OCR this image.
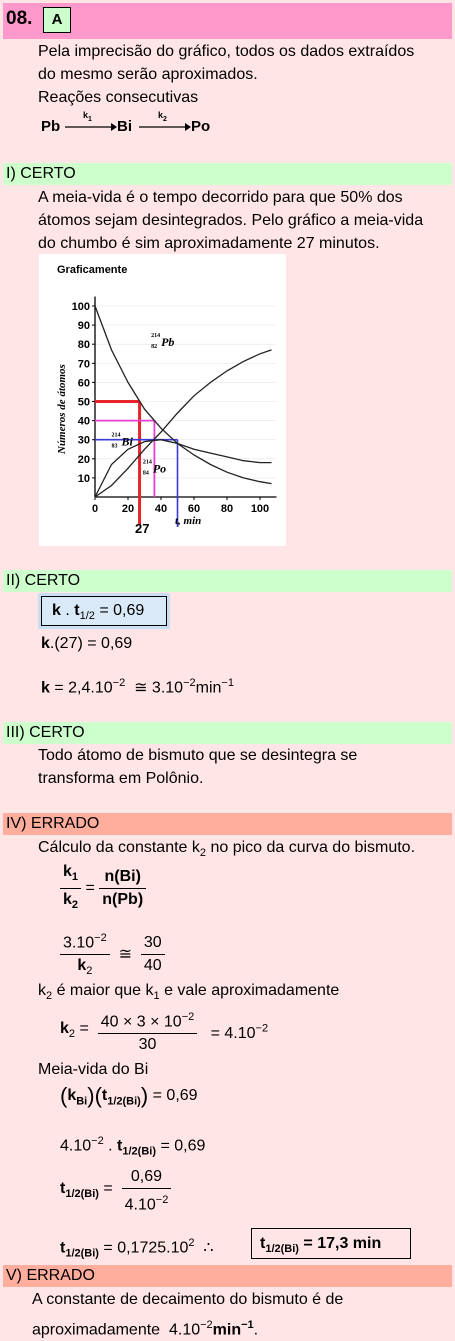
08.	A
Pela imprecisão do gráfico, todos os dados extraídos
do mesmo serão aproximados.
Reações consecutivas
Pb
$k_1$ Bi
$k_2$ Po
I) CERTO
A meia-vida é o tempo decorrido para que 50% dos
átomos sejam desintegrados. Pelo gráfico a meia-vida
do chumbo é sim aproximadamente 27 minutos.
Graficamente
Números de átomos
10
20
30
40
50
60
70
80
90
100
0 20 40 60 80 100
214
82 Pb
214
83 Bi
214
84 Po
t, min
27
II) CERTO
k . $t_{1/2} = 0,69$
k.(27) = 0,69
$k = 2,4.10^{-2}$ ≅ $3.10^{-2}\min^{-1}$
III) CERTO
Todo átomo de bismuto que se desintegra se
transforma em Polônio.
IV) ERRADO
Cálculo da constante $k_2$ no pico da curva do bismuto.
$\frac{k_1}{k_2} = \frac{n(Bi)}{n(Pb)}$
$\frac{3.10^{-2}}{k_2}$ ≅ $\frac{30}{40}$
$k_2$ é maior que $k_1$ e vale aproximadamente
$k_2 = \frac{40 \times 3 \times 10^{-2}}{30} = 4.10^{-2}$
Meia-vida do Bi
$(k_{Bi})(t_{1/2(Bi)}) = 0,69$
$4.10^{-2}$ . $t_{1/2(Bi)} = 0,69$
$t_{1/2(Bi)} = \frac{0,69}{4.10^{-2}}$
$t_{1/2(Bi)} = 0,1725.10^2$ ∴	$t_{1/2(Bi)} = 17,3$ min
V) ERRADO
A constante de decaimento do bismuto é de
aproximadamente  $4.10^{-2}\min^{-1}$.
